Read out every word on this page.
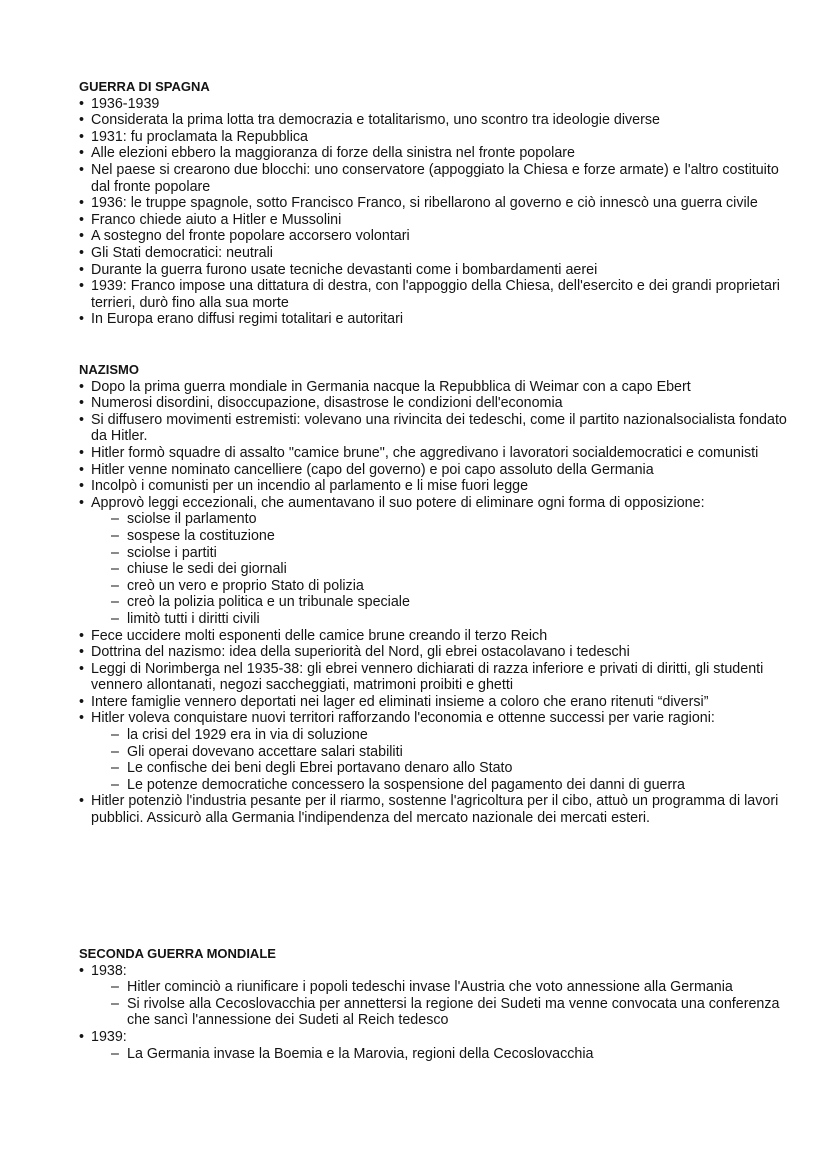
GUERRA DI SPAGNA
• 1936-1939
• Considerata la prima lotta tra democrazia e totalitarismo, uno scontro tra ideologie diverse
• 1931: fu proclamata la Repubblica
• Alle elezioni ebbero la maggioranza di forze della sinistra nel fronte popolare
• Nel paese si crearono due blocchi: uno conservatore (appoggiato la Chiesa e forze armate) e l'altro costituito dal fronte popolare
• 1936: le truppe spagnole, sotto Francisco Franco, si ribellarono al governo e ciò innescò una guerra civile
• Franco chiede aiuto a Hitler e Mussolini
• A sostegno del fronte popolare accorsero volontari
• Gli Stati democratici: neutrali
• Durante la guerra furono usate tecniche devastanti come i bombardamenti aerei
• 1939: Franco impose una dittatura di destra, con l'appoggio della Chiesa, dell'esercito e dei grandi proprietari terrieri, durò fino alla sua morte
• In Europa erano diffusi regimi totalitari e autoritari
NAZISMO
• Dopo la prima guerra mondiale in Germania nacque la Repubblica di Weimar con a capo Ebert
• Numerosi disordini, disoccupazione, disastrose le condizioni dell'economia
• Si diffusero movimenti estremisti: volevano una rivincita dei tedeschi, come il partito nazionalsocialista fondato da Hitler.
• Hitler formò squadre di assalto "camice brune", che aggredivano i lavoratori socialdemocratici e comunisti
• Hitler venne nominato cancelliere (capo del governo) e poi capo assoluto della Germania
• Incolpò i comunisti per un incendio al parlamento e li mise fuori legge
• Approvò leggi eccezionali, che aumentavano il suo potere di eliminare ogni forma di opposizione:
– sciolse il parlamento
– sospese la costituzione
– sciolse i partiti
– chiuse le sedi dei giornali
– creò un vero e proprio Stato di polizia
– creò la polizia politica e un tribunale speciale
– limitò tutti i diritti civili
• Fece uccidere molti esponenti delle camice brune creando il terzo Reich
• Dottrina del nazismo: idea della superiorità del Nord, gli ebrei ostacolavano i tedeschi
• Leggi di Norimberga nel 1935-38: gli ebrei vennero dichiarati di razza inferiore e privati di diritti, gli studenti vennero allontanati, negozi saccheggiati, matrimoni proibiti e ghetti
• Intere famiglie vennero deportati nei lager ed eliminati insieme a coloro che erano ritenuti “diversi”
• Hitler voleva conquistare nuovi territori rafforzando l'economia e ottenne successi per varie ragioni:
– la crisi del 1929 era in via di soluzione
– Gli operai dovevano accettare salari stabiliti
– Le confische dei beni degli Ebrei portavano denaro allo Stato
– Le potenze democratiche concessero la sospensione del pagamento dei danni di guerra
• Hitler potenziò l'industria pesante per il riarmo, sostenne l'agricoltura per il cibo, attuò un programma di lavori pubblici. Assicurò alla Germania l'indipendenza del mercato nazionale dei mercati esteri.
SECONDA GUERRA MONDIALE
• 1938:
– Hitler cominciò a riunificare i popoli tedeschi invase l'Austria che voto annessione alla Germania
– Si rivolse alla Cecoslovacchia per annettersi la regione dei Sudeti ma venne convocata una conferenza che sancì l'annessione dei Sudeti al Reich tedesco
• 1939:
– La Germania invase la Boemia e la Marovia, regioni della Cecoslovacchia
